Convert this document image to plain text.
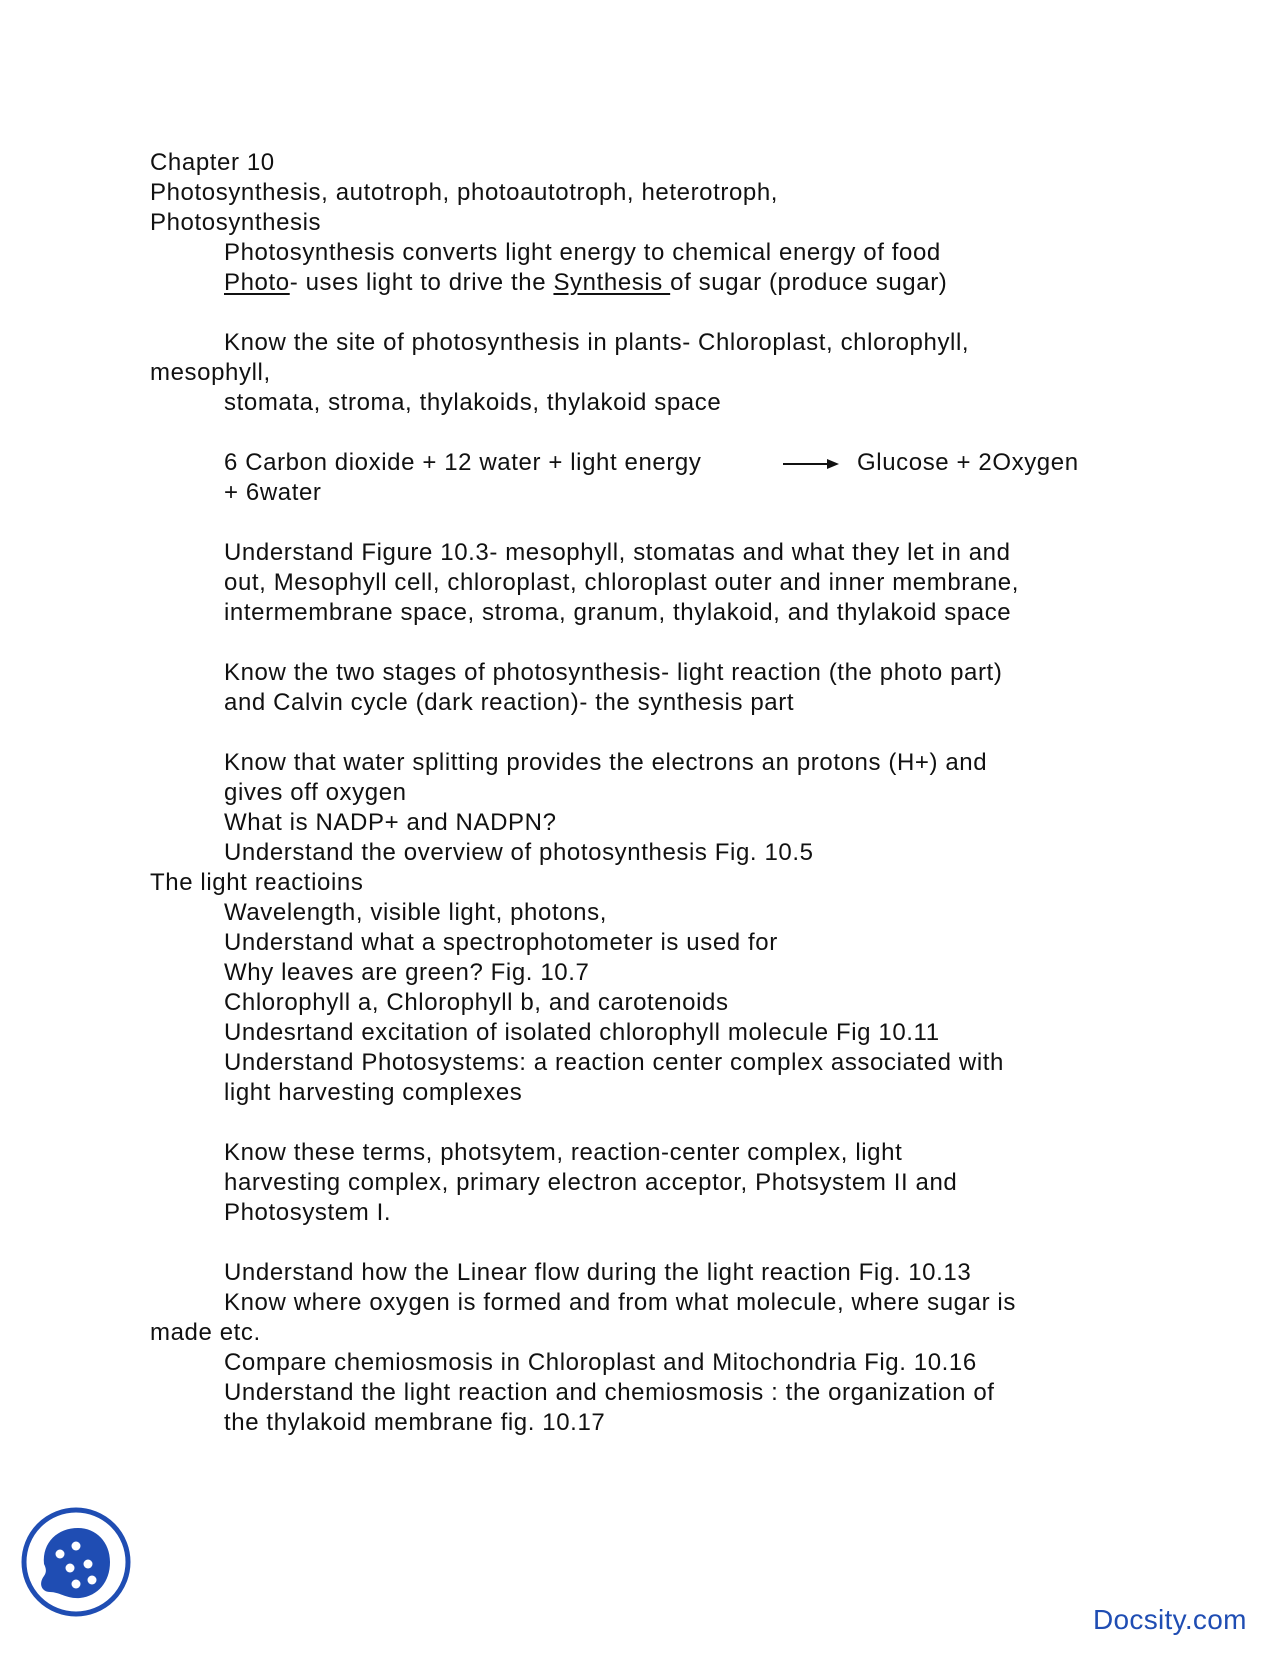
Chapter 10
Photosynthesis, autotroph, photoautotroph, heterotroph,
Photosynthesis
Photosynthesis converts light energy to chemical energy of food
Photo- uses light to drive the Synthesis of sugar (produce sugar)
Know the site of photosynthesis in plants- Chloroplast, chlorophyll,
mesophyll,
stomata, stroma, thylakoids, thylakoid space
6 Carbon dioxide + 12 water + light energy	Glucose + 2Oxygen
+ 6water
Understand Figure 10.3- mesophyll, stomatas and what they let in and
out, Mesophyll cell, chloroplast, chloroplast outer and inner membrane,
intermembrane space, stroma, granum, thylakoid, and thylakoid space
Know the two stages of photosynthesis- light reaction (the photo part)
and Calvin cycle (dark reaction)- the synthesis part
Know that water splitting provides the electrons an protons (H+) and
gives off oxygen
What is NADP+ and NADPN?
Understand the overview of photosynthesis Fig. 10.5
The light reactioins
Wavelength, visible light, photons,
Understand what a spectrophotometer is used for
Why leaves are green? Fig. 10.7
Chlorophyll a, Chlorophyll b, and carotenoids
Undesrtand excitation of isolated chlorophyll molecule Fig 10.11
Understand Photosystems: a reaction center complex associated with
light harvesting complexes
Know these terms, photsytem, reaction-center complex, light
harvesting complex, primary electron acceptor, Photsystem II and
Photosystem I.
Understand how the Linear flow during the light reaction Fig. 10.13
Know where oxygen is formed and from what molecule, where sugar is
made etc.
Compare chemiosmosis in Chloroplast and Mitochondria Fig. 10.16
Understand the light reaction and chemiosmosis : the organization of
the thylakoid membrane fig. 10.17
Docsity.com
